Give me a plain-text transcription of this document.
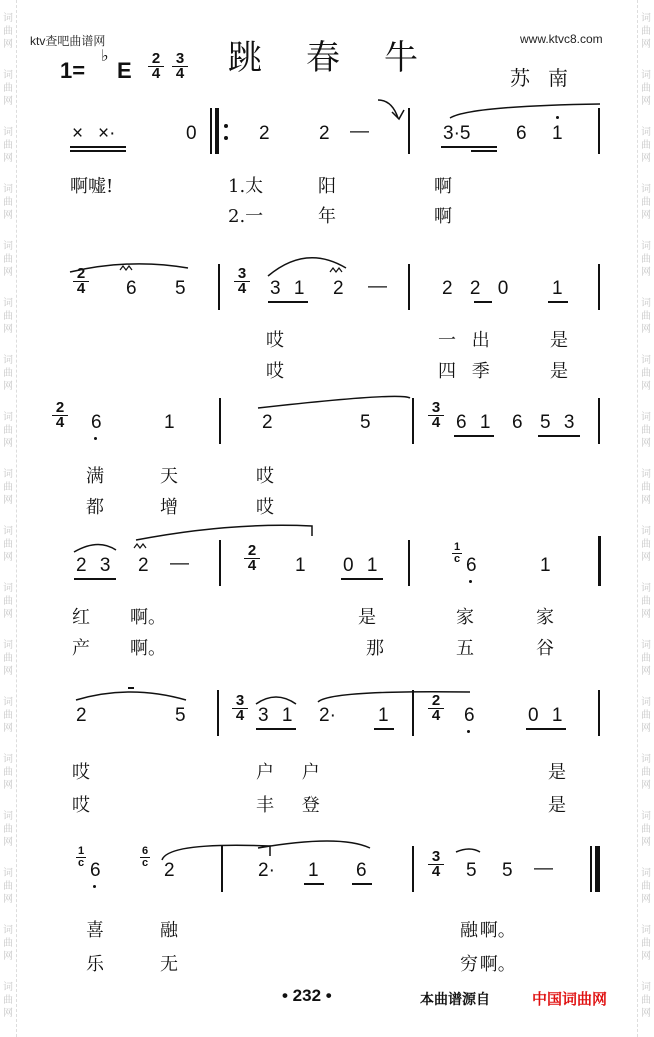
词
曲
网
词
曲
网
词
曲
网
词
曲
网
词
曲
网
词
曲
网
词
曲
网
词
曲
网
词
曲
网
词
曲
网
词
曲
网
词
曲
网
词
曲
网
词
曲
网
词
曲
网
词
曲
网
词
曲
网
词
曲
网
词
曲
网
词
曲
网
词
曲
网
词
曲
网
词
曲
网
词
曲
网
词
曲
网
词
曲
网
词
曲
网
词
曲
网
词
曲
网
词
曲
网
词
曲
网
词
曲
网
词
曲
网
词
曲
网
词
曲
网
词
曲
网
ktv查吧曲谱网	www.ktvc8.com
跳春牛 苏南
1=
♭
E $\frac{2}{4} \frac{3}{4}$
× ×·	0	2	2 —	3·5 6 1
啊嘘!	1.太	阳	啊
2.一	年	啊
$\frac{2}{4} 6$ 5	$\frac{3}{4} 3$ 1 2 —	2 2 0 1
哎	一 出	是
哎	四 季	是
$\frac{2}{4} 6$	1	2	5	$\frac{3}{4} 6$ 1 6 5 3
满	天	哎
都	增	哎
2 3 2 —	$\frac{2}{4} 1$ 0 1
$\frac{1}{c}$
6	1
红 啊。	是	家	家
产 啊。	那	五	谷
2	5	$\frac{3}{4} 3$ 1 2· 1	$\frac{2}{4} 6$	0 1
哎	户 户	是
哎	丰 登	是
$\frac{1}{c}$
6
$\frac{6}{c}$
2	2· 1 6	$\frac{3}{4} 5$ 5 —
喜	融	融 啊。
乐	无	穷 啊。
• 232 •	本曲谱源自	中国词曲网
